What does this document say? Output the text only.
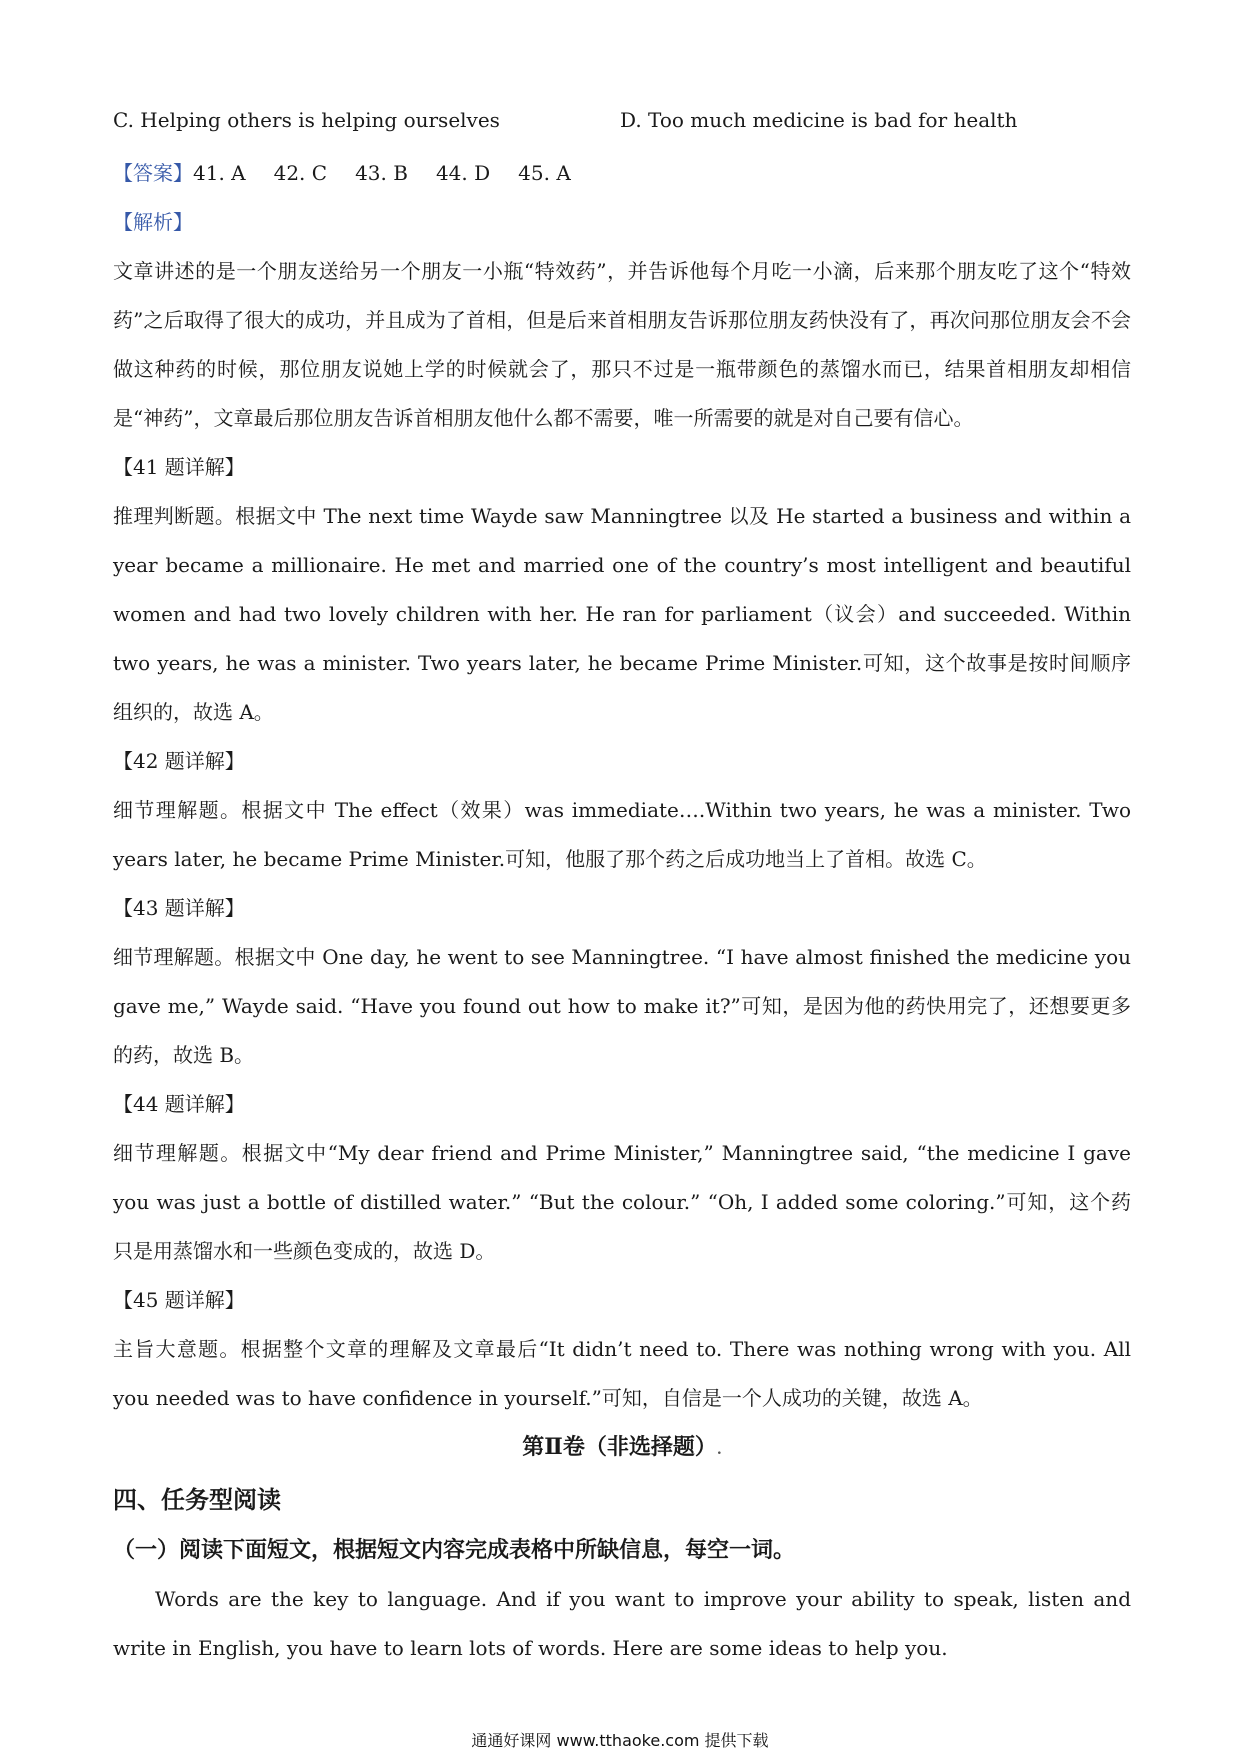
C. Helping others is helping ourselves	D. Too much medicine is bad for health
【答案】41. A 42. C 43. B 44. D 45. A
【解析】
文章讲述的是一个朋友送给另一个朋友一小瓶“特效药”，并告诉他每个月吃一小滴，后来那个朋友吃了这个“特效药”之后取得了很大的成功，并且成为了首相，但是后来首相朋友告诉那位朋友药快没有了，再次问那位朋友会不会做这种药的时候，那位朋友说她上学的时候就会了，那只不过是一瓶带颜色的蒸馏水而已，结果首相朋友却相信是“神药”，文章最后那位朋友告诉首相朋友他什么都不需要，唯一所需要的就是对自己要有信心。
【41 题详解】
推理判断题。根据文中 The next time Wayde saw Manningtree 以及 He started a business and within a year became a millionaire. He met and married one of the country’s most intelligent and beautiful women and had two lovely children with her. He ran for parliament（议会）and succeeded. Within two years, he was a minister. Two years later, he became Prime Minister.可知，这个故事是按时间顺序组织的，故选 A。
【42 题详解】
细节理解题。根据文中 The effect（效果）was immediate….Within two years, he was a minister. Two years later, he became Prime Minister.可知，他服了那个药之后成功地当上了首相。故选 C。
【43 题详解】
细节理解题。根据文中 One day, he went to see Manningtree. “I have almost finished the medicine you gave me,” Wayde said. “Have you found out how to make it?”可知，是因为他的药快用完了，还想要更多的药，故选 B。
【44 题详解】
细节理解题。根据文中“My dear friend and Prime Minister,” Manningtree said, “the medicine I gave you was just a bottle of distilled water.” “But the colour.” “Oh, I added some coloring.”可知，这个药只是用蒸馏水和一些颜色变成的，故选 D。
【45 题详解】
主旨大意题。根据整个文章的理解及文章最后“It didn’t need to. There was nothing wrong with you. All you needed was to have confidence in yourself.”可知，自信是一个人成功的关键，故选 A。
第Ⅱ卷（非选择题）.
四、任务型阅读
（一）阅读下面短文，根据短文内容完成表格中所缺信息，每空一词。
Words are the key to language. And if you want to improve your ability to speak, listen and write in English, you have to learn lots of words. Here are some ideas to help you.
通通好课网 www.tthaoke.com 提供下载
